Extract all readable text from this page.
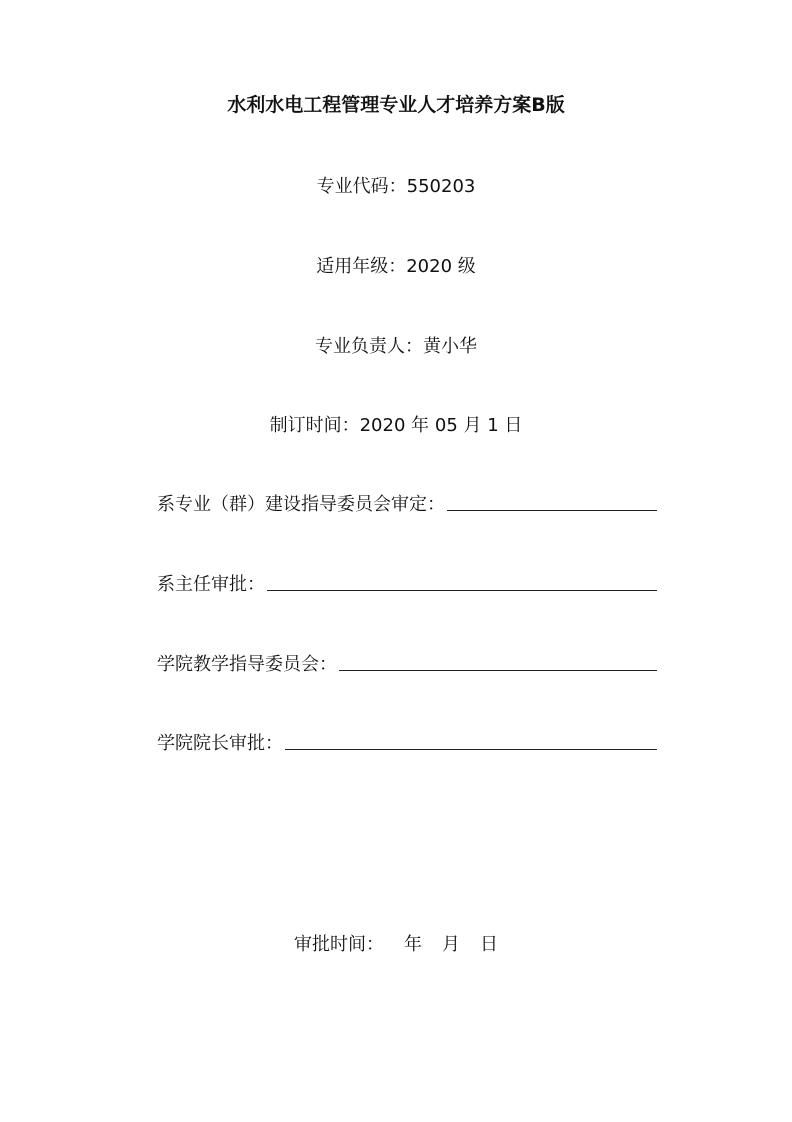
水利水电工程管理专业人才培养方案B版
专业代码：550203
适用年级：2020 级
专业负责人：黄小华
制订时间：2020 年 05 月 1 日
系专业（群）建设指导委员会审定：
系主任审批：
学院教学指导委员会：
学院院长审批：
审批时间： 年 月 日
